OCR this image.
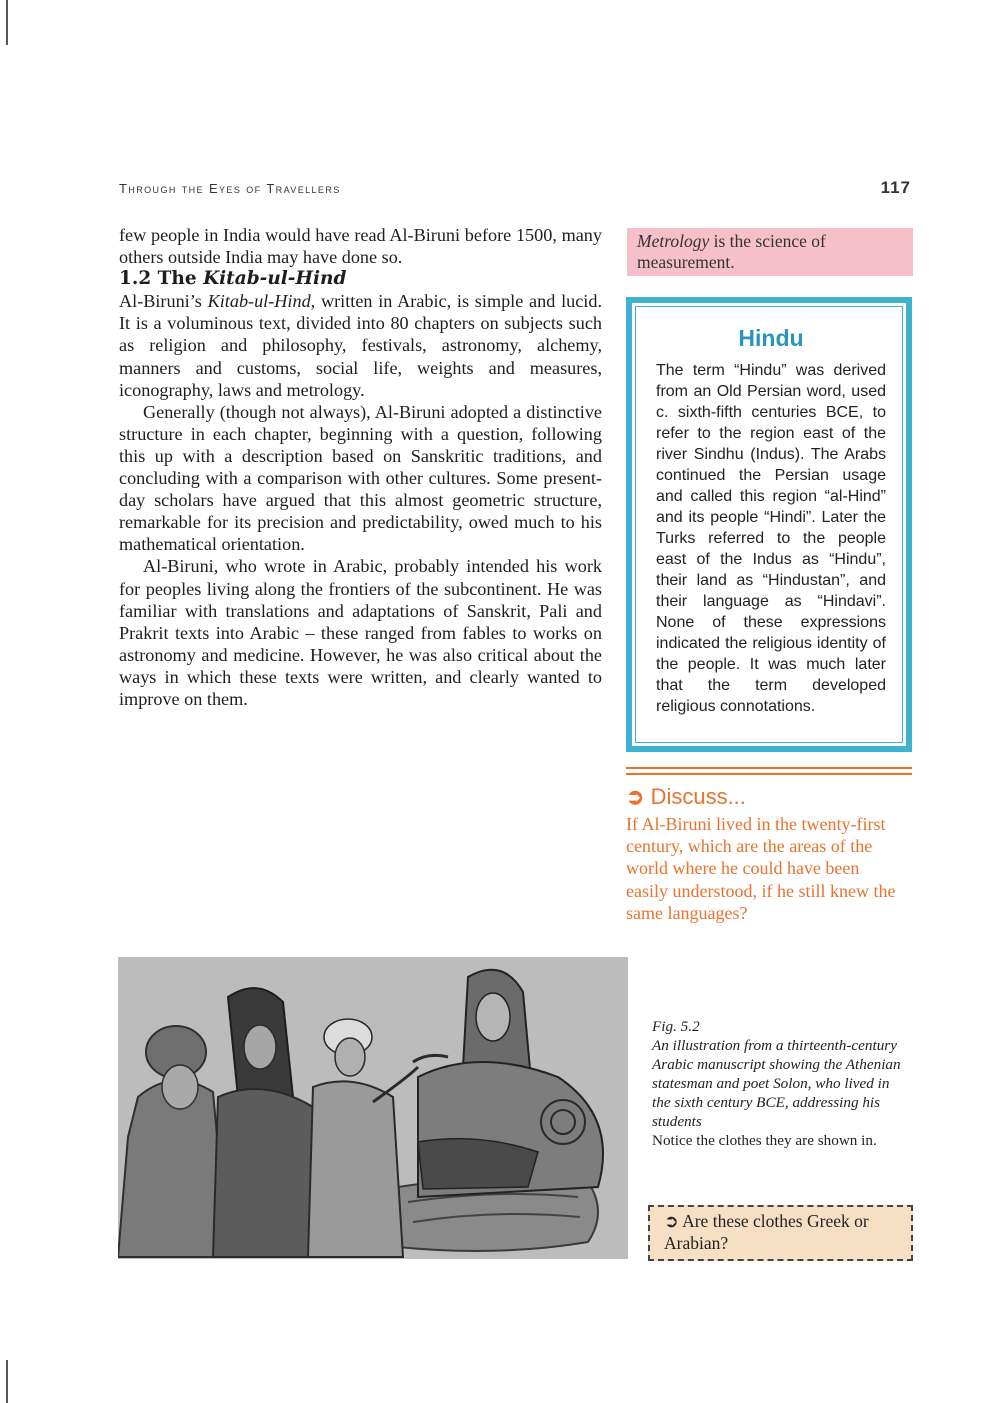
Through the Eyes of Travellers	117

few people in India would have read Al-Biruni before 1500, many others outside India may have done so.

1.2 The Kitab-ul-Hind

Al-Biruni’s Kitab-ul-Hind, written in Arabic, is simple and lucid. It is a voluminous text, divided into 80 chapters on subjects such as religion and philosophy, festivals, astronomy, alchemy, manners and customs, social life, weights and measures, iconography, laws and metrology.

Generally (though not always), Al-Biruni adopted a distinctive structure in each chapter, beginning with a question, following this up with a description based on Sanskritic traditions, and concluding with a comparison with other cultures. Some present-day scholars have argued that this almost geometric structure, remarkable for its precision and predictability, owed much to his mathematical orientation.

Al-Biruni, who wrote in Arabic, probably intended his work for peoples living along the frontiers of the subcontinent. He was familiar with translations and adaptations of Sanskrit, Pali and Prakrit texts into Arabic – these ranged from fables to works on astronomy and medicine. However, he was also critical about the ways in which these texts were written, and clearly wanted to improve on them.

Metrology is the science of measurement.
Hindu

The term “Hindu” was derived from an Old Persian word, used c. sixth-fifth centuries BCE, to refer to the region east of the river Sindhu (Indus). The Arabs continued the Persian usage and called this region “al-Hind” and its people “Hindi”. Later the Turks referred to the people east of the Indus as “Hindu”, their land as “Hindustan”, and their language as “Hindavi”. None of these expressions indicated the religious identity of the people. It was much later that the term developed religious connotations.

➲ Discuss...
If Al-Biruni lived in the twenty-first century, which are the areas of the world where he could have been easily understood, if he still knew the same languages?

Fig. 5.2

An illustration from a thirteenth-century Arabic manuscript showing the Athenian statesman and poet Solon, who lived in the sixth century BCE, addressing his students

Notice the clothes they are shown in.

➲ Are these clothes Greek or Arabian?
